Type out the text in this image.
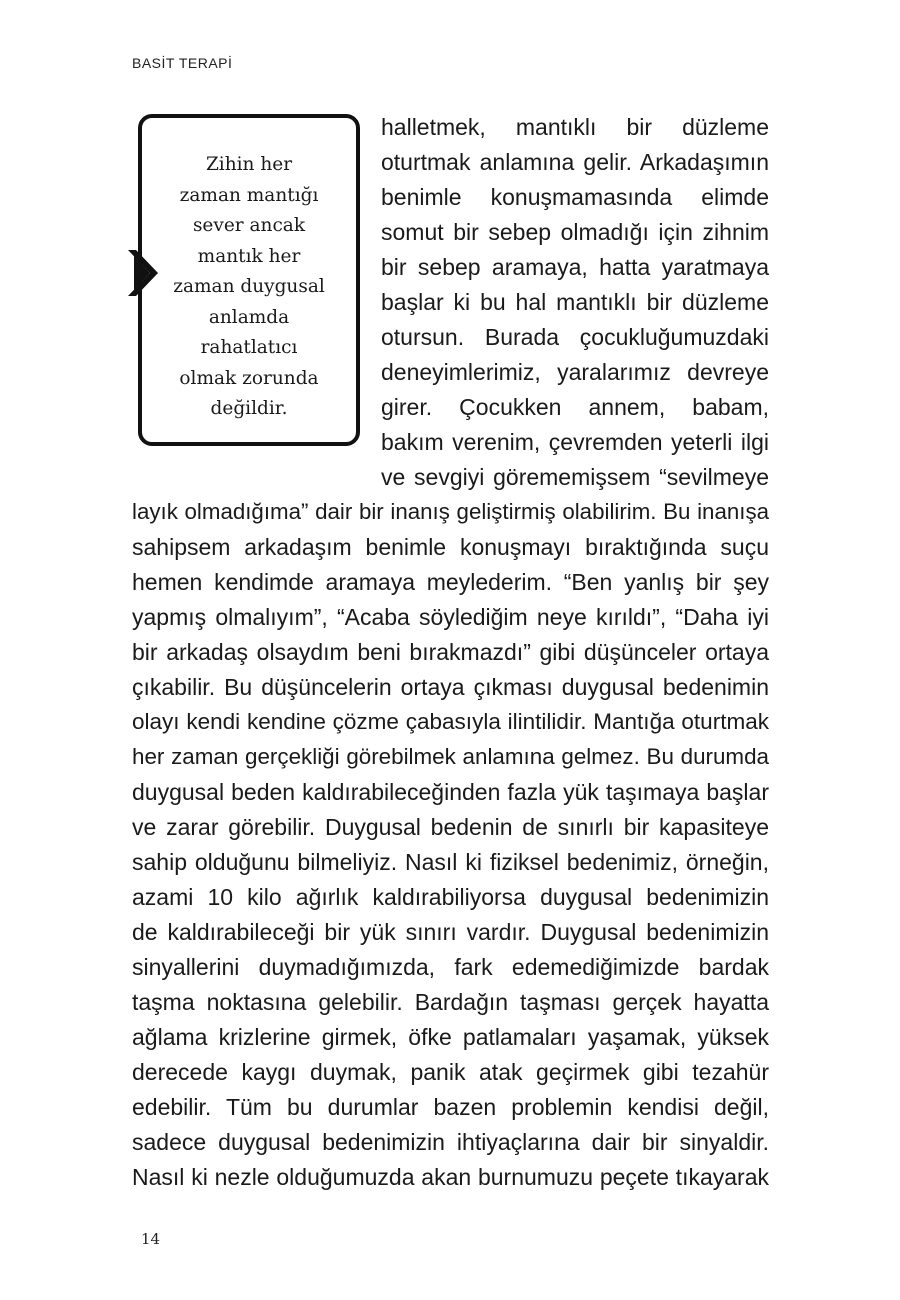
BASİT TERAPİ
Zihin her
zaman mantığı
sever ancak
mantık her
zaman duygusal
anlamda
rahatlatıcı
olmak zorunda
değildir.
halletmek, mantıklı bir düzleme
oturtmak anlamına gelir. Arkadaşımın
benimle konuşmamasında elimde
somut bir sebep olmadığı için zihnim
bir sebep aramaya, hatta yaratmaya
başlar ki bu hal mantıklı bir düzleme
otursun. Burada çocukluğumuzdaki
deneyimlerimiz, yaralarımız devreye
girer. Çocukken annem, babam,
bakım verenim, çevremden yeterli ilgi
ve sevgiyi görememişsem “sevilmeye
layık olmadığıma” dair bir inanış geliştirmiş olabilirim. Bu inanışa
sahipsem arkadaşım benimle konuşmayı bıraktığında suçu
hemen kendimde aramaya meylederim. “Ben yanlış bir şey
yapmış olmalıyım”, “Acaba söylediğim neye kırıldı”, “Daha iyi
bir arkadaş olsaydım beni bırakmazdı” gibi düşünceler ortaya
çıkabilir. Bu düşüncelerin ortaya çıkması duygusal bedenimin
olayı kendi kendine çözme çabasıyla ilintilidir. Mantığa oturtmak
her zaman gerçekliği görebilmek anlamına gelmez. Bu durumda
duygusal beden kaldırabileceğinden fazla yük taşımaya başlar
ve zarar görebilir. Duygusal bedenin de sınırlı bir kapasiteye
sahip olduğunu bilmeliyiz. Nasıl ki fiziksel bedenimiz, örneğin,
azami 10 kilo ağırlık kaldırabiliyorsa duygusal bedenimizin
de kaldırabileceği bir yük sınırı vardır. Duygusal bedenimizin
sinyallerini duymadığımızda, fark edemediğimizde bardak
taşma noktasına gelebilir. Bardağın taşması gerçek hayatta
ağlama krizlerine girmek, öfke patlamaları yaşamak, yüksek
derecede kaygı duymak, panik atak geçirmek gibi tezahür
edebilir. Tüm bu durumlar bazen problemin kendisi değil,
sadece duygusal bedenimizin ihtiyaçlarına dair bir sinyaldir.
Nasıl ki nezle olduğumuzda akan burnumuzu peçete tıkayarak
14
